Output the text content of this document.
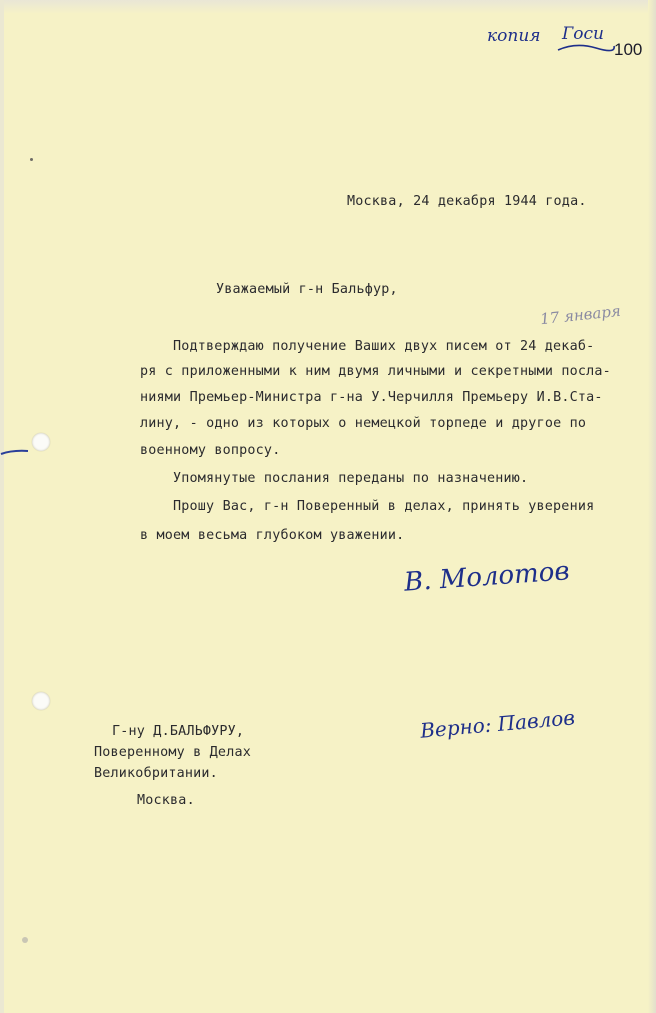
копия Госи
100
17 января
Москва, 24 декабря 1944 года.
Уважаемый г-н Бальфур,
Подтверждаю получение Ваших двух писем от 24 декаб-
ря с приложенными к ним двумя личными и секретными посла-
ниями Премьер-Министра г-на У.Черчилля Премьеру И.В.Ста-
лину, - одно из которых о немецкой торпеде и другое по
военному вопросу.
Упомянутые послания переданы по назначению.
Прошу Вас, г-н Поверенный в делах, принять уверения
в моем весьма глубоком уважении.
В. Молотов
Г-ну Д.БАЛЬФУРУ,
Поверенному в Делах
Великобритании.
Москва.
Верно: Павлов
